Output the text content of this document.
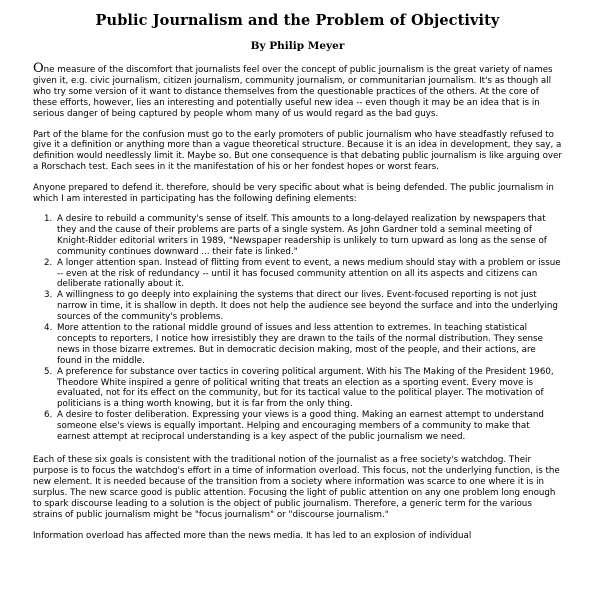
Public Journalism and the Problem of Objectivity
By Philip Meyer

One measure of the discomfort that journalists feel over the concept of public journalism is the great variety of names given it, e.g. civic journalism, citizen journalism, community journalism, or communitarian journalism. It's as though all who try some version of it want to distance themselves from the questionable practices of the others. At the core of these efforts, however, lies an interesting and potentially useful new idea -- even though it may be an idea that is in serious danger of being captured by people whom many of us would regard as the bad guys.

Part of the blame for the confusion must go to the early promoters of public journalism who have steadfastly refused to give it a definition or anything more than a vague theoretical structure. Because it is an idea in development, they say, a definition would needlessly limit it. Maybe so. But one consequence is that debating public journalism is like arguing over a Rorschach test. Each sees in it the manifestation of his or her fondest hopes or worst fears.

Anyone prepared to defend it. therefore, should be very specific about what is being defended. The public journalism in which I am interested in participating has the following defining elements:

1. A desire to rebuild a community's sense of itself. This amounts to a long-delayed realization by newspapers that they and the cause of their problems are parts of a single system. As John Gardner told a seminal meeting of Knight-Ridder editorial writers in 1989, "Newspaper readership is unlikely to turn upward as long as the sense of community continues downward ... their fate is linked."
2. A longer attention span. Instead of flitting from event to event, a news medium should stay with a problem or issue -- even at the risk of redundancy -- until it has focused community attention on all its aspects and citizens can deliberate rationally about it.
3. A willingness to go deeply into explaining the systems that direct our lives. Event-focused reporting is not just narrow in time, it is shallow in depth. It does not help the audience see beyond the surface and into the underlying sources of the community's problems.
4. More attention to the rational middle ground of issues and less attention to extremes. In teaching statistical concepts to reporters, I notice how irresistibly they are drawn to the tails of the normal distribution. They sense news in those bizarre extremes. But in democratic decision making, most of the people, and their actions, are found in the middle.
5. A preference for substance over tactics in covering political argument. With his The Making of the President 1960, Theodore White inspired a genre of political writing that treats an election as a sporting event. Every move is evaluated, not for its effect on the community, but for its tactical value to the political player. The motivation of politicians is a thing worth knowing, but it is far from the only thing.
6. A desire to foster deliberation. Expressing your views is a good thing. Making an earnest attempt to understand someone else's views is equally important. Helping and encouraging members of a community to make that earnest attempt at reciprocal understanding is a key aspect of the public journalism we need.

Each of these six goals is consistent with the traditional notion of the journalist as a free society's watchdog. Their purpose is to focus the watchdog's effort in a time of information overload. This focus, not the underlying function, is the new element. It is needed because of the transition from a society where information was scarce to one where it is in surplus. The new scarce good is public attention. Focusing the light of public attention on any one problem long enough to spark discourse leading to a solution is the object of public journalism. Therefore, a generic term for the various strains of public journalism might be "focus journalism" or "discourse journalism."

Information overload has affected more than the news media. It has led to an explosion of individual
